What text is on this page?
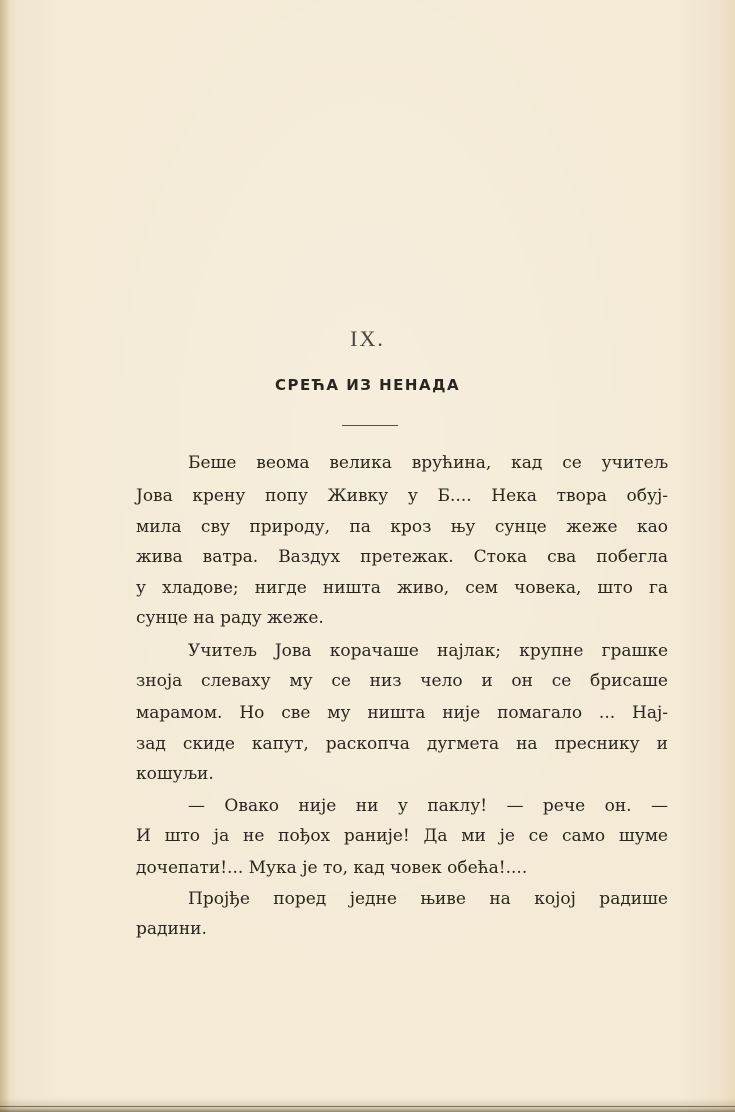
IX.
СРЕЋА ИЗ НЕНАДА
Беше веома велика врућина, кад се учитељ
Јова крену попу Живку у Б.... Нека твора обуј-
мила сву природу, па кроз њу сунце жеже као
жива ватра. Ваздух претежак. Стока сва побегла
у хладове; нигде ништа живо, сем човека, што га
сунце на раду жеже.
Учитељ Јова корачаше најлак; крупне грашке
зноја слеваху му се низ чело и он се брисаше
марамом. Но све му ништа није помагало ... Нај-
зад скиде капут, раскопча дугмета на преснику и
кошуљи.
— Овако није ни у паклу! — рече он. —
И што ја не пођох раније! Да ми је се само шуме
дочепати!... Мука је то, кад човек обећа!....
Пројђе поред једне њиве на којој радише
радини.
